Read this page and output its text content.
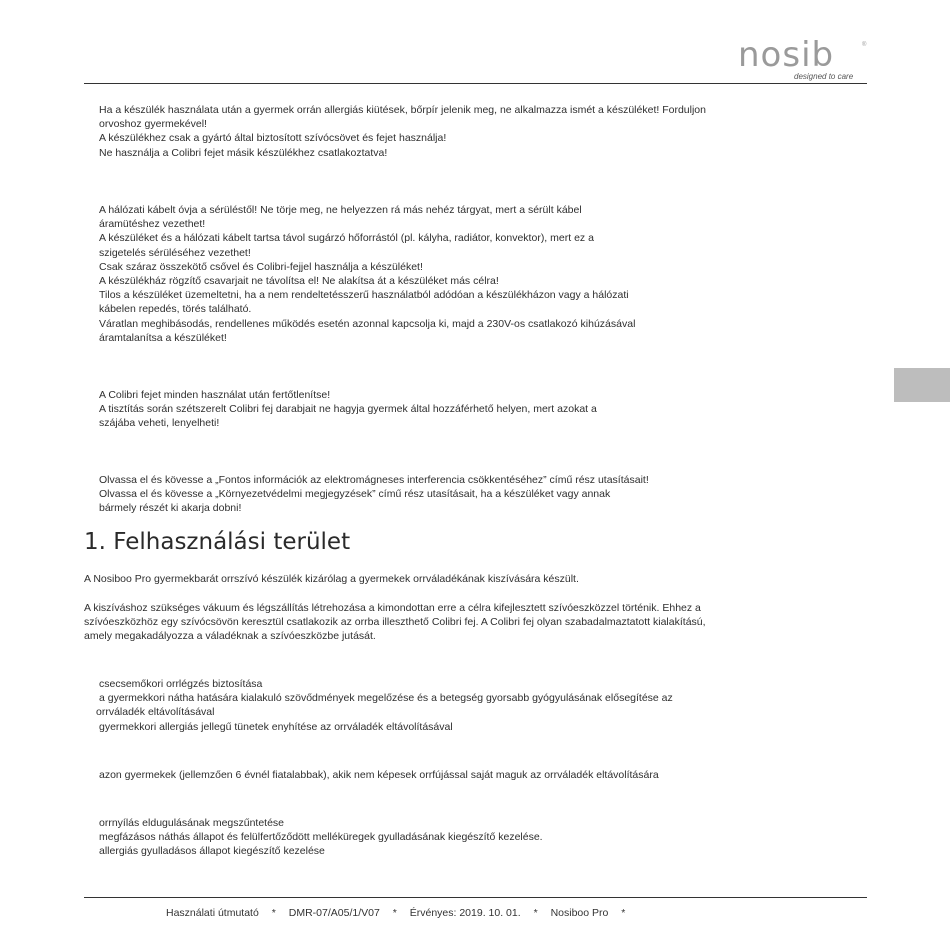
nosib	®
designed to care
Ha a készülék használata után a gyermek orrán allergiás kiütések, bőrpír jelenik meg, ne alkalmazza ismét a készüléket! Forduljon
orvoshoz gyermekével!
A készülékhez csak a gyártó által biztosított szívócsövet és fejet használja!
Ne használja a Colibri fejet másik készülékhez csatlakoztatva!
A hálózati kábelt óvja a sérüléstől! Ne törje meg, ne helyezzen rá más nehéz tárgyat, mert a sérült kábel
áramütéshez vezethet!
A készüléket és a hálózati kábelt tartsa távol sugárzó hőforrástól (pl. kályha, radiátor, konvektor), mert ez a
szigetelés sérüléséhez vezethet!
Csak száraz összekötő csővel és Colibri-fejjel használja a készüléket!
A készülékház rögzítő csavarjait ne távolítsa el! Ne alakítsa át a készüléket más célra!
Tilos a készüléket üzemeltetni, ha a nem rendeltetésszerű használatból adódóan a készülékházon vagy a hálózati
kábelen repedés, törés található.
Váratlan meghibásodás, rendellenes működés esetén azonnal kapcsolja ki, majd a 230V-os csatlakozó kihúzásával
áramtalanítsa a készüléket!
A Colibri fejet minden használat után fertőtlenítse!
A tisztítás során szétszerelt Colibri fej darabjait ne hagyja gyermek által hozzáférhető helyen, mert azokat a
szájába veheti, lenyelheti!
Olvassa el és kövesse a „Fontos információk az elektromágneses interferencia csökkentéséhez” című rész utasításait!
Olvassa el és kövesse a „Környezetvédelmi megjegyzések” című rész utasításait, ha a készüléket vagy annak
bármely részét ki akarja dobni!
1. Felhasználási terület
A Nosiboo Pro gyermekbarát orrszívó készülék kizárólag a gyermekek orrváladékának kiszívására készült.
A kiszíváshoz szükséges vákuum és légszállítás létrehozása a kimondottan erre a célra kifejlesztett szívóeszközzel történik. Ehhez a
szívóeszközhöz egy szívócsövön keresztül csatlakozik az orrba illeszthető Colibri fej. A Colibri fej olyan szabadalmaztatott kialakítású,
amely megakadályozza a váladéknak a szívóeszközbe jutását.
csecsemőkori orrlégzés biztosítása
a gyermekkori nátha hatására kialakuló szövődmények megelőzése és a betegség gyorsabb gyógyulásának elősegítése az
orrváladék eltávolításával
gyermekkori allergiás jellegű tünetek enyhítése az orrváladék eltávolításával
azon gyermekek (jellemzően 6 évnél fiatalabbak), akik nem képesek orrfújással saját maguk az orrváladék eltávolítására
orrnyílás eldugulásának megszűntetése
megfázásos náthás állapot és felülfertőződött melléküregek gyulladásának kiegészítő kezelése.
allergiás gyulladásos állapot kiegészítő kezelése
Használati útmutató * DMR-07/A05/1/V07 * Érvényes: 2019. 10. 01. * Nosiboo Pro *
